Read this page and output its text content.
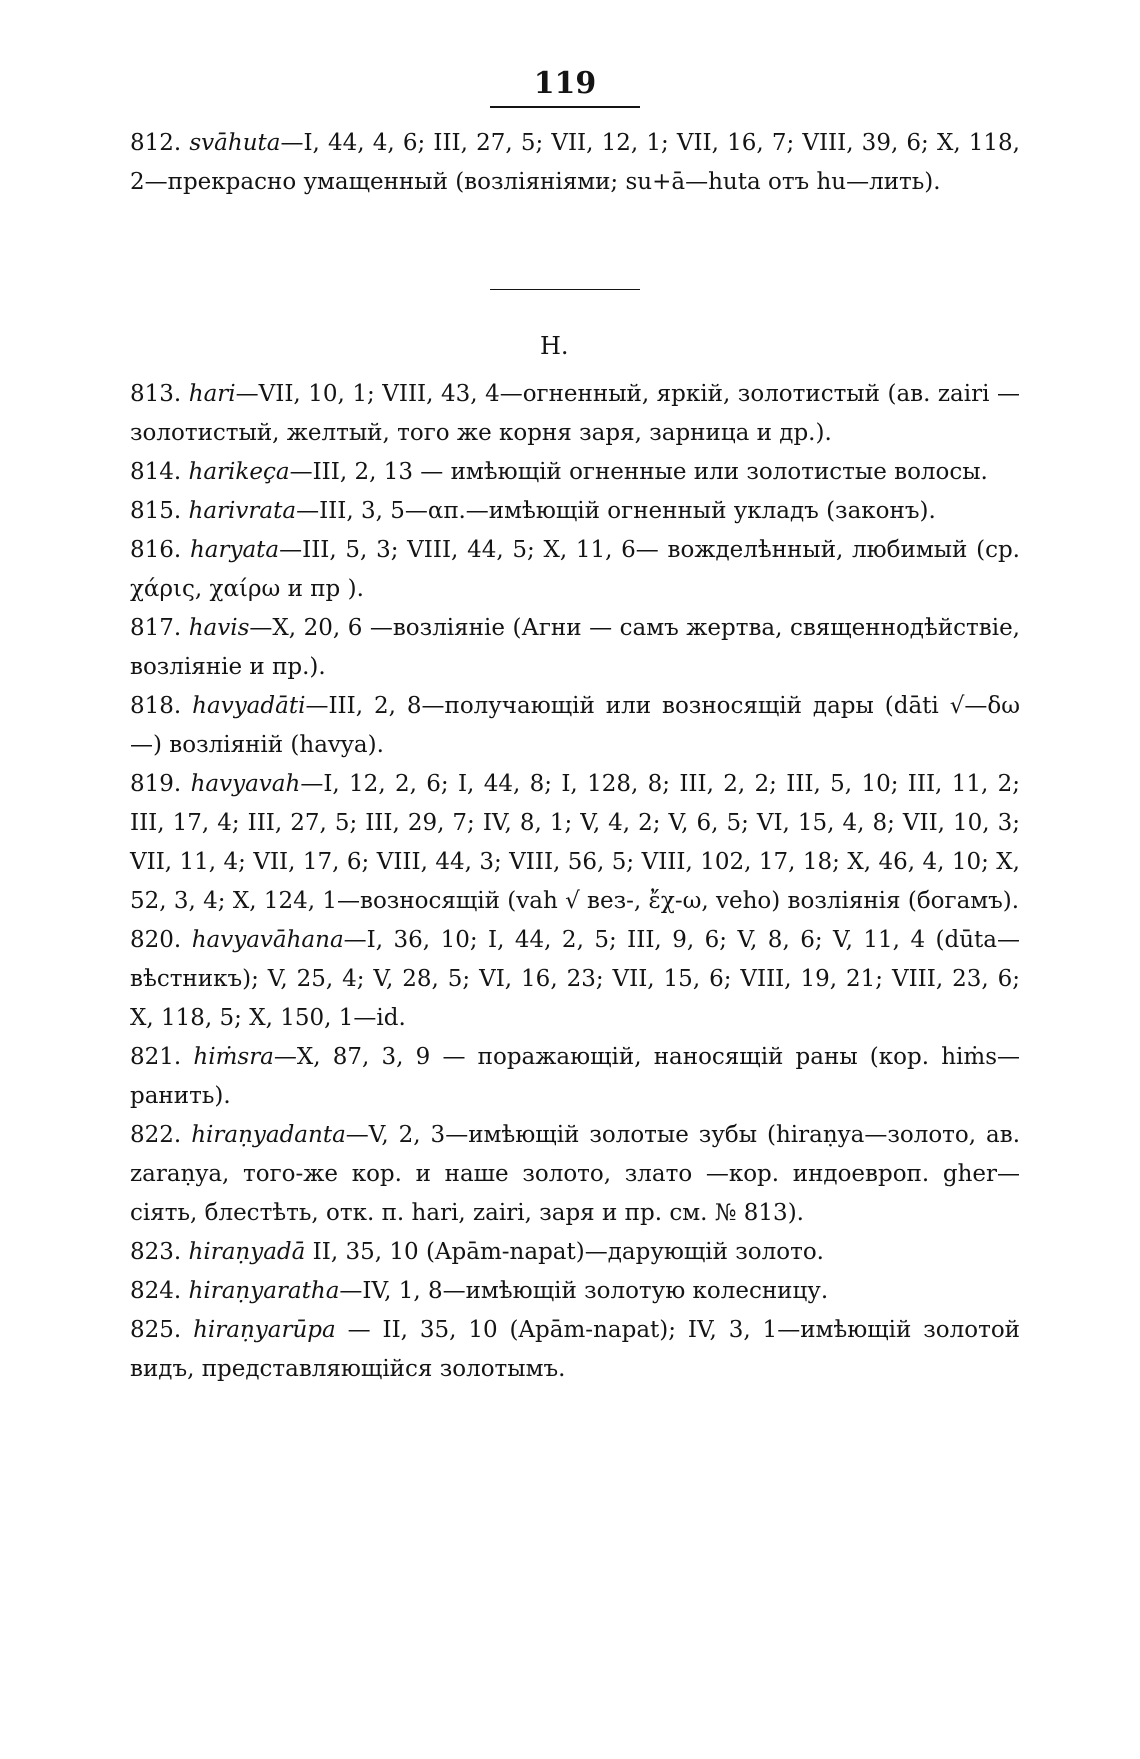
119

812. svāhuta—I, 44, 4, 6; III, 27, 5; VII, 12, 1; VII, 16, 7; VIII, 39, 6; X, 118, 2—прекрасно умащенный (возліяніями; su+ā—huta отъ hu—лить).

H.

813. hari—VII, 10, 1; VIII, 43, 4—огненный, яркій, золотистый (ав. zairi — золотистый, желтый, того же корня заря, зарница и др.).

814. harikeça—III, 2, 13 — имѣющій огненные или золотистые волосы.

815. harivrata—III, 3, 5—απ.—имѣющій огненный укладъ (законъ).

816. haryata—III, 5, 3; VIII, 44, 5; X, 11, 6— вожделѣнный, любимый (ср. χάρις, χαίρω и пр ).

817. havis—X, 20, 6 —возліяніе (Агни — самъ жертва, священнодѣйствіе, возліяніе и пр.).

818. havyadāti—III, 2, 8—получающій или возносящій дары (dāti √—δω—) возліяній (havya).

819. havyavah—I, 12, 2, 6; I, 44, 8; I, 128, 8; III, 2, 2; III, 5, 10; III, 11, 2; III, 17, 4; III, 27, 5; III, 29, 7; IV, 8, 1; V, 4, 2; V, 6, 5; VI, 15, 4, 8; VII, 10, 3; VII, 11, 4; VII, 17, 6; VIII, 44, 3; VIII, 56, 5; VIII, 102, 17, 18; X, 46, 4, 10; X, 52, 3, 4; X, 124, 1—возносящій (vah √ вез-, ἔχ-ω, veho) возліянія (богамъ).

820. havyavāhana—I, 36, 10; I, 44, 2, 5; III, 9, 6; V, 8, 6; V, 11, 4 (dūta—вѣстникъ); V, 25, 4; V, 28, 5; VI, 16, 23; VII, 15, 6; VIII, 19, 21; VIII, 23, 6; X, 118, 5; X, 150, 1—id.

821. hiṁsra—X, 87, 3, 9 — поражающій, наносящій раны (кор. hiṁs—ранить).

822. hiraṇyadanta—V, 2, 3—имѣющій золотые зубы (hiraṇya—золото, ав. zaraṇya, того-же кор. и наше золото, злато —кор. индоевроп. gher—сіять, блестѣть, отк. п. hari, zairi, заря и пр. см. № 813).

823. hiraṇyadā II, 35, 10 (Apām-napat)—дарующій золото.

824. hiraṇyaratha—IV, 1, 8—имѣющій золотую колесницу.

825. hiraṇyarūpa — II, 35, 10 (Apām-napat); IV, 3, 1—имѣющій золотой видъ, представляющійся золотымъ.
